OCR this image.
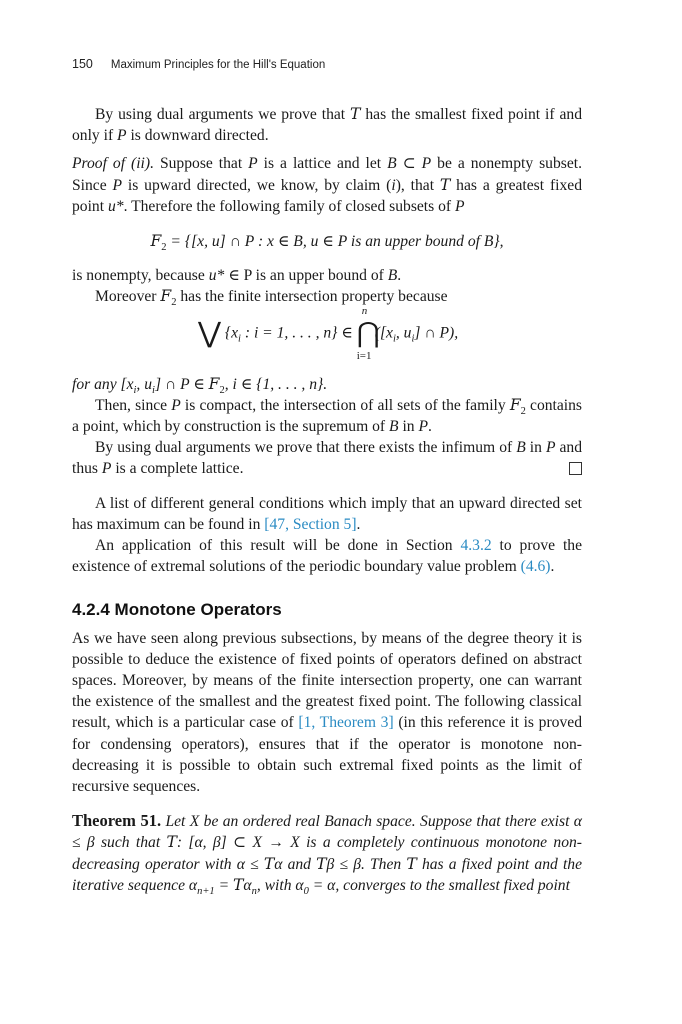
150 Maximum Principles for the Hill's Equation

By using dual arguments we prove that T has the smallest fixed point if and only if P is downward directed.

Proof of (ii). Suppose that P is a lattice and let B ⊂ P be a nonempty subset. Since P is upward directed, we know, by claim (i), that T has a greatest fixed point u*. Therefore the following family of closed subsets of P

$F_2 = \{[x$, u] ∩ P : x ∈ B, u ∈ P is an upper bound of B},

is nonempty, because u* ∈ P is an upper bound of B.

Moreover $F_2$ has the finite intersection property because

⋁ {$x_i$ : i = 1, . . . , n} ∈
n
⋂
i=1
([$x_i$, $u_i$] ∩ P),

for any [$x_i$, $u_i$] ∩ P ∈ $F_2$, i ∈ {1, . . . , n}.

Then, since P is compact, the intersection of all sets of the family $F_2$ contains a point, which by construction is the supremum of B in P.

By using dual arguments we prove that there exists the infimum of B in P and thus P is a complete lattice.

A list of different general conditions which imply that an upward directed set has maximum can be found in [47, Section 5].

An application of this result will be done in Section 4.3.2 to prove the existence of extremal solutions of the periodic boundary value problem (4.6).

4.2.4 Monotone Operators

As we have seen along previous subsections, by means of the degree theory it is possible to deduce the existence of fixed points of operators defined on abstract spaces. Moreover, by means of the finite intersection property, one can warrant the existence of the smallest and the greatest fixed point. The following classical result, which is a particular case of [1, Theorem 3] (in this reference it is proved for condensing operators), ensures that if the operator is monotone non-decreasing it is possible to obtain such extremal fixed points as the limit of recursive sequences.

Theorem 51. Let X be an ordered real Banach space. Suppose that there exist α ≤ β such that T: [α, β] ⊂ X → X is a completely continuous monotone non-decreasing operator with α ≤ Tα and Tβ ≤ β. Then T has a fixed point and the iterative sequence $\alpha_{n+1} = T\alpha_n$, with $\alpha_0 = \alpha$, converges to the smallest fixed point
